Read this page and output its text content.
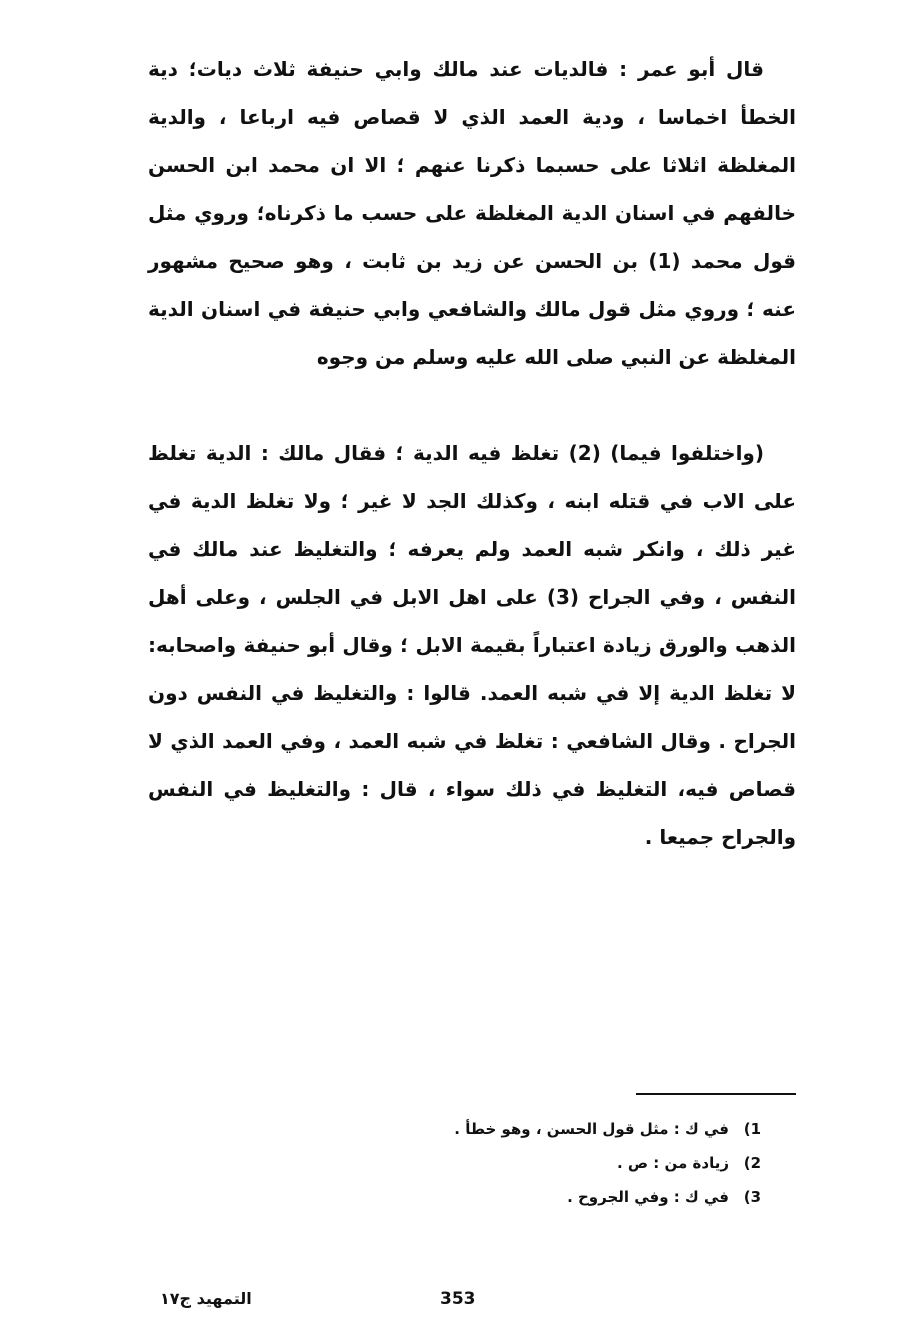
قال أبو عمر : فالديات عند مالك وابي حنيفة ثلاث ديات؛ دية الخطأ اخماسا ، ودية العمد الذي لا قصاص فيه ارباعا ، والدية المغلظة اثلاثا على حسبما ذكرنا عنهم ؛ الا ان محمد ابن الحسن خالفهم في اسنان الدية المغلظة على حسب ما ذكرناه؛ وروي مثل قول محمد (1) بن الحسن عن زيد بن ثابت ، وهو صحيح مشهور عنه ؛ وروي مثل قول مالك والشافعي وابي حنيفة في اسنان الدية المغلظة عن النبي صلى الله عليه وسلم من وجوه

(واختلفوا فيما) (2) تغلظ فيه الدية ؛ فقال مالك : الدية تغلظ على الاب في قتله ابنه ، وكذلك الجد لا غير ؛ ولا تغلظ الدية في غير ذلك ، وانكر شبه العمد ولم يعرفه ؛ والتغليظ عند مالك في النفس ، وفي الجراح (3) على اهل الابل في الجلس ، وعلى أهل الذهب والورق زيادة اعتباراً بقيمة الابل ؛ وقال أبو حنيفة واصحابه: لا تغلظ الدية إلا في شبه العمد. قالوا : والتغليظ في النفس دون الجراح . وقال الشافعي : تغلظ في شبه العمد ، وفي العمد الذي لا قصاص فيه، التغليظ في ذلك سواء ، قال : والتغليظ في النفس والجراح جميعا .

1)
في ك : مثل قول الحسن ، وهو خطأ .
2)
زيادة من : ص .
3)
في ك : وفي الجروح .
353
التمهيد ج١٧
